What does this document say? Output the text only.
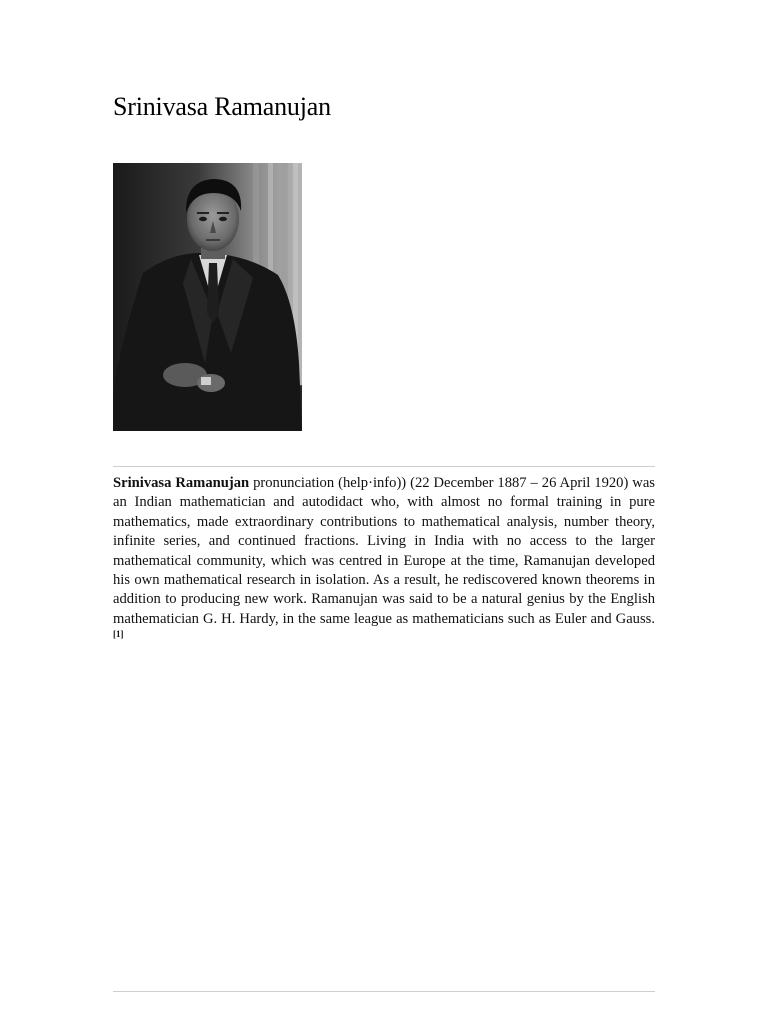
Srinivasa Ramanujan

Srinivasa Ramanujan pronunciation (help·info)) (22 December 1887 – 26 April 1920) was an Indian mathematician and autodidact who, with almost no formal training in pure mathematics, made extraordinary contributions to mathematical analysis, number theory, infinite series, and continued fractions. Living in India with no access to the larger mathematical community, which was centred in Europe at the time, Ramanujan developed his own mathematical research in isolation. As a result, he rediscovered known theorems in addition to producing new work. Ramanujan was said to be a natural genius by the English mathematician G. H. Hardy, in the same league as mathematicians such as Euler and Gauss.[1]
